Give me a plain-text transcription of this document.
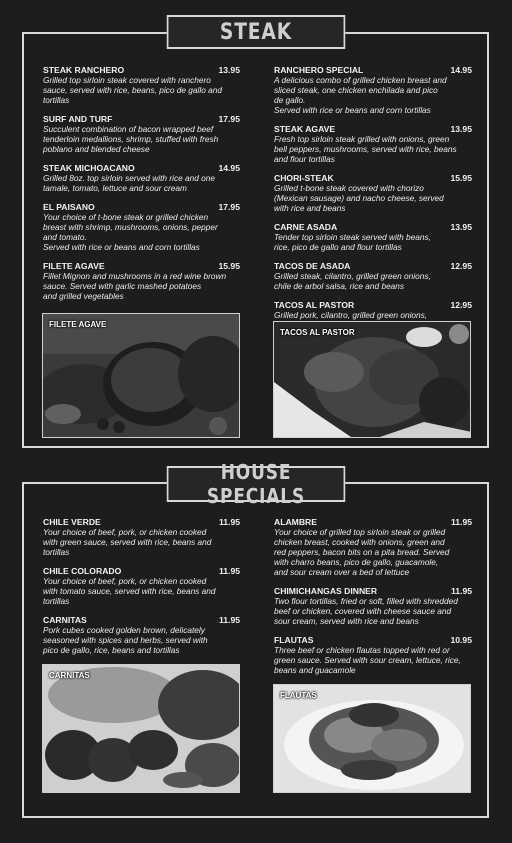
STEAK
STEAK RANCHERO	13.95
Grilled top sirloin steak covered with ranchero
sauce, served with rice, beans, pico de gallo and
tortillas
SURF AND TURF	17.95
Succulent combination of bacon wrapped beef
tenderloin medallions, shrimp, stuffed with fresh
poblano and blended cheese
STEAK MICHOACANO	14.95
Grilled 8oz. top sirloin served with rice and one
tamale, tomato, lettuce and sour cream
EL PAISANO	17.95
Your choice of t-bone steak or grilled chicken
breast with shrimp, mushrooms, onions, pepper
and tomato.
Served with rice or beans and corn tortillas
FILETE AGAVE	15.95
Fillet Mignon and mushrooms in a red wine brown
sauce. Served with garlic mashed potatoes
and grilled vegetables
RANCHERO SPECIAL	14.95
A delicious combo of grilled chicken breast and
sliced steak, one chicken enchilada and pico
de gallo.
Served with rice or beans and corn tortillas
STEAK AGAVE	13.95
Fresh top sirloin steak grilled with onions, green
bell peppers, mushrooms, served with rice, beans
and flour tortillas
CHORI-STEAK	15.95
Grilled t-bone steak covered with chorizo
(Mexican sausage) and nacho cheese, served
with rice and beans
CARNE ASADA	13.95
Tender top sirloin steak served with beans,
rice, pico de gallo and flour tortillas
TACOS DE ASADA	12.95
Grilled steak, cilantro, grilled green onions,
chile de arbol salsa, rice and beans
TACOS AL PASTOR	12.95
Grilled pork, cilantro, grilled green onions,
FILETE AGAVE
TACOS AL PASTOR
HOUSE SPECIALS
CHILE VERDE	11.95
Your choice of beef, pork, or chicken cooked
with green sauce, served with rice, beans and
tortillas
CHILE COLORADO	11.95
Your choice of beef, pork, or chicken cooked
with tomato sauce, served with rice, beans and
tortillas
CARNITAS	11.95
Pork cubes cooked golden brown, delicately
seasoned with spices and herbs, served with
pico de gallo, rice, beans and tortillas
ALAMBRE	11.95
Your choice of grilled top sirloin steak or grilled
chicken breast, cooked with onions, green and
red peppers, bacon bits on a pita bread. Served
with charro beans, pico de gallo, guacamole,
and sour cream over a bed of lettuce
CHIMICHANGAS DINNER	11.95
Two flour tortillas, fried or soft, filled with shredded
beef or chicken, covered with cheese sauce and
sour cream, served with rice and beans
FLAUTAS	10.95
Three beef or chicken flautas topped with red or
green sauce. Served with sour cream, lettuce, rice,
beans and guacamole
CARNITAS
FLAUTAS
